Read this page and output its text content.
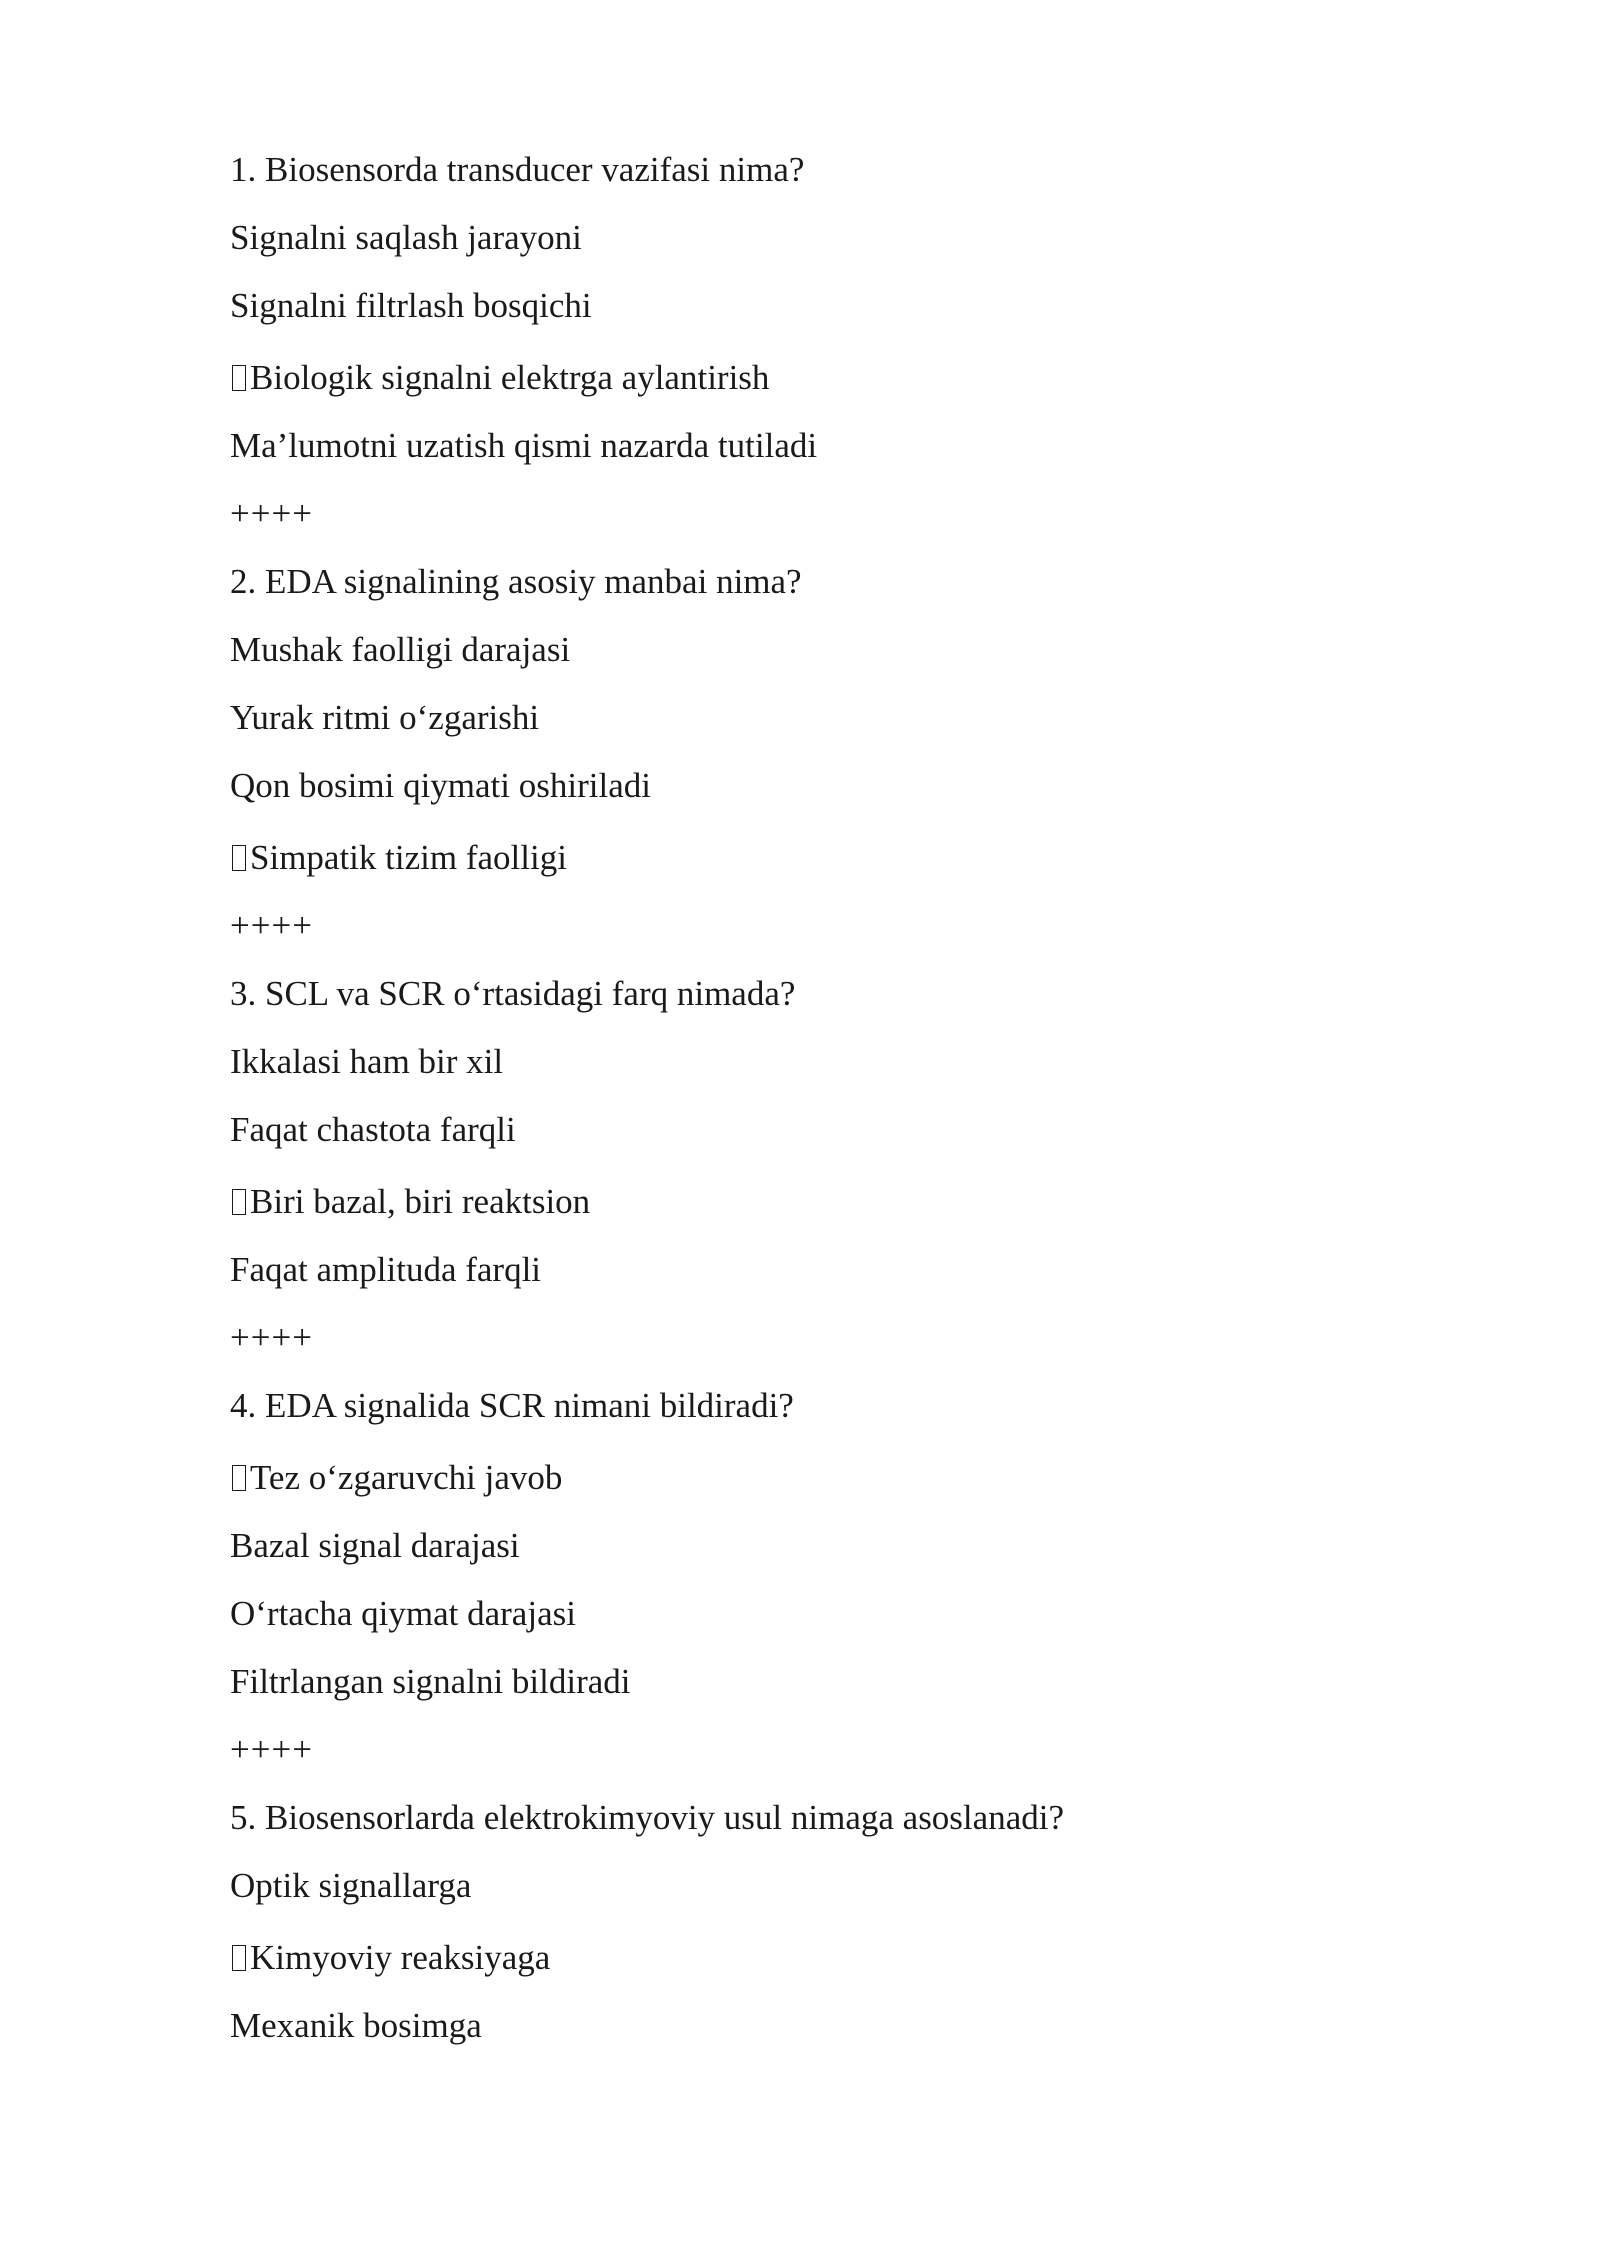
1. Biosensorda transducer vazifasi nima?
Signalni saqlash jarayoni
Signalni filtrlash bosqichi
Biologik signalni elektrga aylantirish
Ma’lumotni uzatish qismi nazarda tutiladi
++++
2. EDA signalining asosiy manbai nima?
Mushak faolligi darajasi
Yurak ritmi o‘zgarishi
Qon bosimi qiymati oshiriladi
Simpatik tizim faolligi
++++
3. SCL va SCR o‘rtasidagi farq nimada?
Ikkalasi ham bir xil
Faqat chastota farqli
Biri bazal, biri reaktsion
Faqat amplituda farqli
++++
4. EDA signalida SCR nimani bildiradi?
Tez o‘zgaruvchi javob
Bazal signal darajasi
O‘rtacha qiymat darajasi
Filtrlangan signalni bildiradi
++++
5. Biosensorlarda elektrokimyoviy usul nimaga asoslanadi?
Optik signallarga
Kimyoviy reaksiyaga
Mexanik bosimga
